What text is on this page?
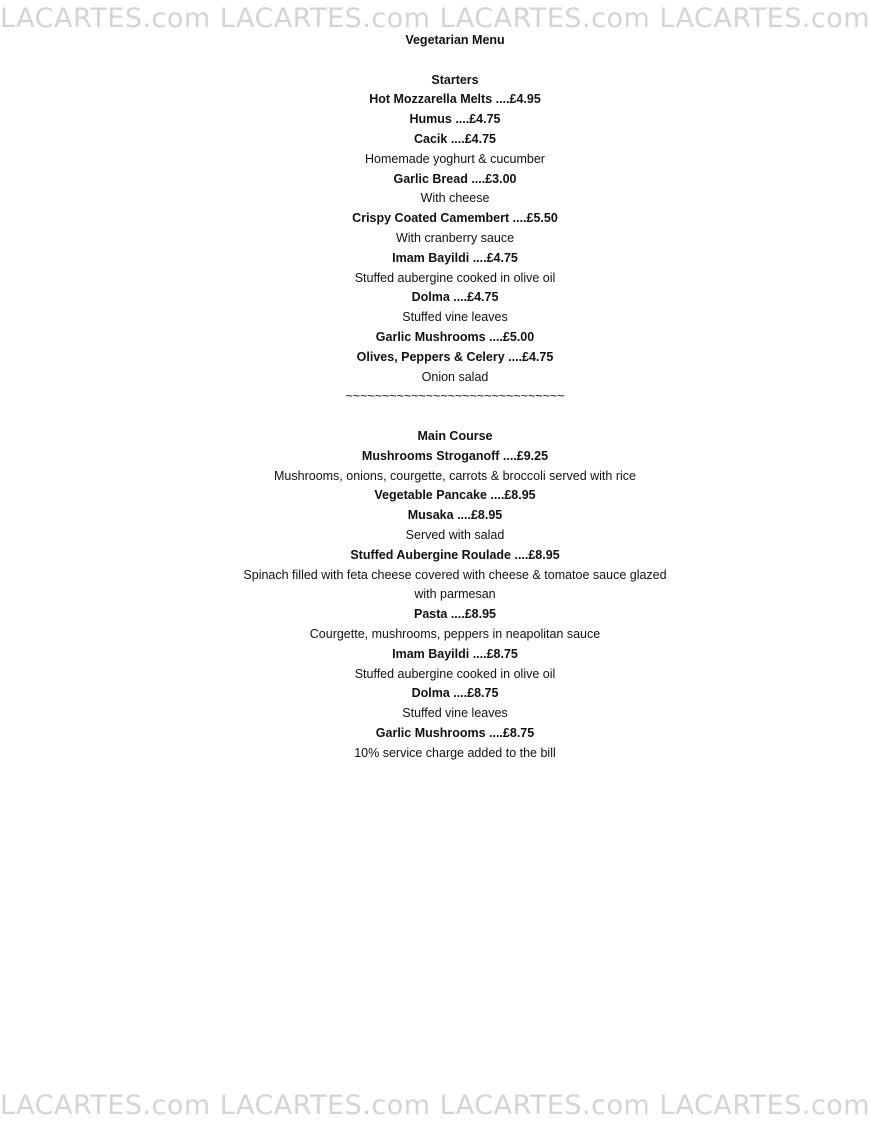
LACARTES.com LACARTES.com LACARTES.com LACARTES.com
Vegetarian Menu
Starters
Hot Mozzarella Melts ....£4.95
Humus ....£4.75
Cacik ....£4.75
Homemade yoghurt & cucumber
Garlic Bread ....£3.00
With cheese
Crispy Coated Camembert ....£5.50
With cranberry sauce
Imam Bayildi ....£4.75
Stuffed aubergine cooked in olive oil
Dolma ....£4.75
Stuffed vine leaves
Garlic Mushrooms ....£5.00
Olives, Peppers & Celery ....£4.75
Onion salad
~~~~~~~~~~~~~~~~~~~~~~~~~~~~~~
Main Course
Mushrooms Stroganoff ....£9.25
Mushrooms, onions, courgette, carrots & broccoli served with rice
Vegetable Pancake ....£8.95
Musaka ....£8.95
Served with salad
Stuffed Aubergine Roulade ....£8.95
Spinach filled with feta cheese covered with cheese & tomatoe sauce glazed
with parmesan
Pasta ....£8.95
Courgette, mushrooms, peppers in neapolitan sauce
Imam Bayildi ....£8.75
Stuffed aubergine cooked in olive oil
Dolma ....£8.75
Stuffed vine leaves
Garlic Mushrooms ....£8.75
10% service charge added to the bill
LACARTES.com LACARTES.com LACARTES.com LACARTES.com
